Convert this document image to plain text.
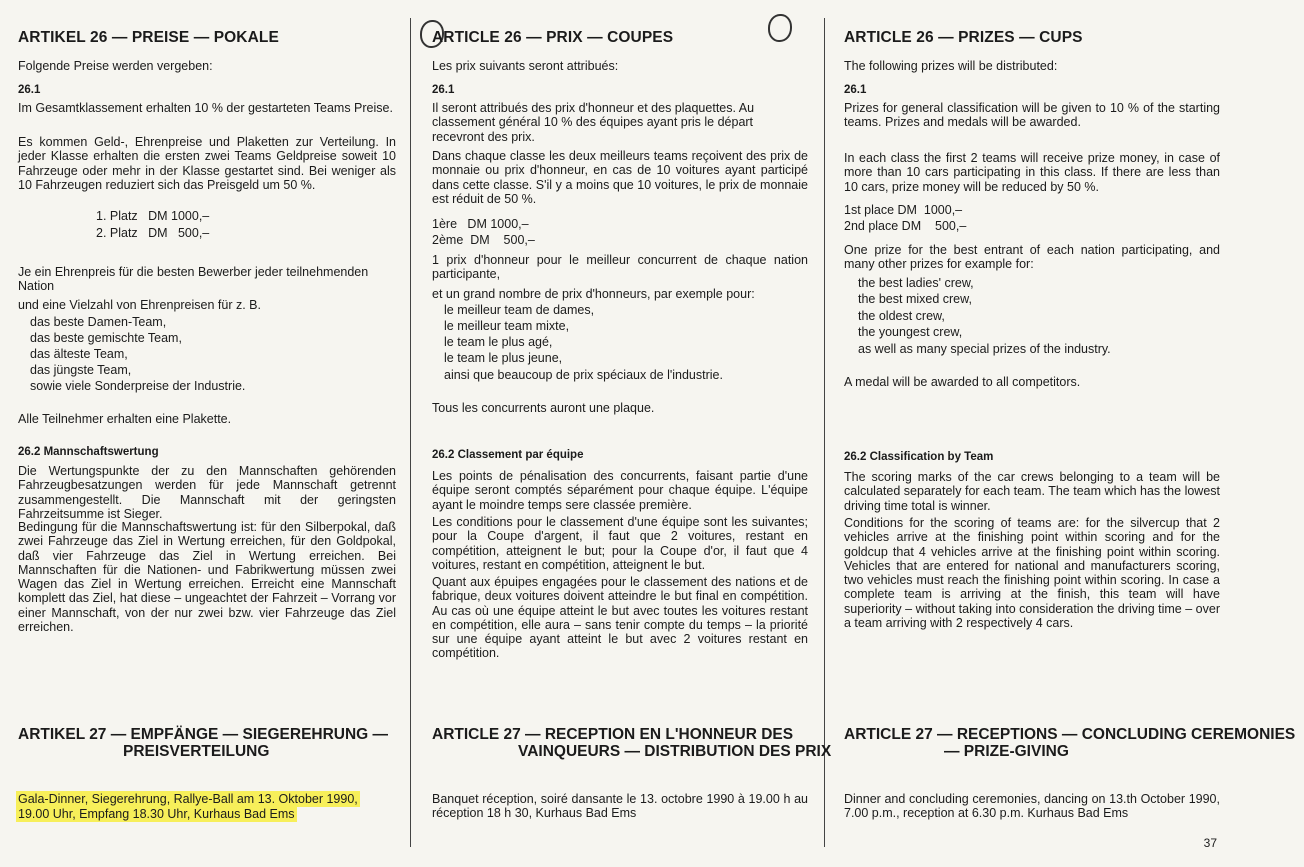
ARTIKEL 26 — PREISE — POKALE
Folgende Preise werden vergeben:
26.1
Im Gesamtklassement erhalten 10 % der gestarteten Teams Preise.
Es kommen Geld-, Ehrenpreise und Plaketten zur Verteilung. In jeder Klasse erhalten die ersten zwei Teams Geldpreise soweit 10 Fahrzeuge oder mehr in der Klasse gestartet sind. Bei weniger als 10 Fahrzeugen reduziert sich das Preisgeld um 50 %.
1. Platz   DM 1000,–
2. Platz   DM   500,–
Je ein Ehrenpreis für die besten Bewerber jeder teilnehmenden Nation
und eine Vielzahl von Ehrenpreisen für z. B.
das beste Damen-Team,
das beste gemischte Team,
das älteste Team,
das jüngste Team,
sowie viele Sonderpreise der Industrie.
Alle Teilnehmer erhalten eine Plakette.
26.2 Mannschaftswertung
Die Wertungspunkte der zu den Mannschaften gehörenden Fahrzeugbesatzungen werden für jede Mannschaft getrennt zusammengestellt. Die Mannschaft mit der geringsten Fahrzeitsumme ist Sieger.
Bedingung für die Mannschaftswertung ist: für den Silberpokal, daß zwei Fahrzeuge das Ziel in Wertung erreichen, für den Goldpokal, daß vier Fahrzeuge das Ziel in Wertung erreichen. Bei Mannschaften für die Nationen- und Fabrikwertung müssen zwei Wagen das Ziel in Wertung erreichen. Erreicht eine Mannschaft komplett das Ziel, hat diese – ungeachtet der Fahrzeit – Vorrang vor einer Mannschaft, von der nur zwei bzw. vier Fahrzeuge das Ziel erreichen.
ARTIKEL 27 — EMPFÄNGE — SIEGEREHRUNG — PREISVERTEILUNG
Gala-Dinner, Siegerehrung, Rallye-Ball am 13. Oktober 1990,
19.00 Uhr, Empfang 18.30 Uhr, Kurhaus Bad Ems
ARTICLE 26 — PRIX — COUPES
Les prix suivants seront attribués:
26.1
Il seront attribués des prix d'honneur et des plaquettes. Au classement général 10 % des équipes ayant pris le départ recevront des prix.
Dans chaque classe les deux meilleurs teams reçoivent des prix de monnaie ou prix d'honneur, en cas de 10 voitures ayant participé dans cette classe. S'il y a moins que 10 voitures, le prix de monnaie est réduit de 50 %.
1ère   DM 1000,–
2ème  DM    500,–
1 prix d'honneur pour le meilleur concurrent de chaque nation participante,
et un grand nombre de prix d'honneurs, par exemple pour:
le meilleur team de dames,
le meilleur team mixte,
le team le plus agé,
le team le plus jeune,
ainsi que beaucoup de prix spéciaux de l'industrie.
Tous les concurrents auront une plaque.
26.2 Classement par équipe
Les points de pénalisation des concurrents, faisant partie d'une équipe seront comptés séparément pour chaque équipe. L'équipe ayant le moindre temps sere classée première.
Les conditions pour le classement d'une équipe sont les suivantes; pour la Coupe d'argent, il faut que 2 voitures, restant en compétition, atteignent le but; pour la Coupe d'or, il faut que 4 voitures, restant en compétition, atteignent le but.
Quant aux épuipes engagées pour le classement des nations et de fabrique, deux voitures doivent atteindre le but final en compétition. Au cas où une équipe atteint le but avec toutes les voitures restant en compétition, elle aura – sans tenir compte du temps – la priorité sur une équipe ayant atteint le but avec 2 voitures restant en compétition.
ARTICLE 27 — RECEPTION EN L'HONNEUR DES VAINQUEURS — DISTRIBUTION DES PRIX
Banquet réception, soiré dansante le 13. octobre 1990 à 19.00 h au réception 18 h 30, Kurhaus Bad Ems
ARTICLE 26 — PRIZES — CUPS
The following prizes will be distributed:
26.1
Prizes for general classification will be given to 10 % of the starting teams. Prizes and medals will be awarded.
In each class the first 2 teams will receive prize money, in case of more than 10 cars participating in this class. If there are less than 10 cars, prize money will be reduced by 50 %.
1st place DM  1000,–
2nd place DM    500,–
One prize for the best entrant of each nation participating, and many other prizes for example for:
the best ladies' crew,
the best mixed crew,
the oldest crew,
the youngest crew,
as well as many special prizes of the industry.
A medal will be awarded to all competitors.
26.2 Classification by Team
The scoring marks of the car crews belonging to a team will be calculated separately for each team. The team which has the lowest driving time total is winner.
Conditions for the scoring of teams are: for the silvercup that 2 vehicles arrive at the finishing point within scoring and for the goldcup that 4 vehicles arrive at the finishing point within scoring. Vehicles that are entered for national and manufacturers scoring, two vehicles must reach the finishing point within scoring. In case a complete team is arriving at the finish, this team will have superiority – without taking into consideration the driving time – over a team arriving with 2 respectively 4 cars.
ARTICLE 27 — RECEPTIONS — CONCLUDING CEREMONIES — PRIZE-GIVING
Dinner and concluding ceremonies, dancing on 13.th October 1990, 7.00 p.m., reception at 6.30 p.m. Kurhaus Bad Ems
37
